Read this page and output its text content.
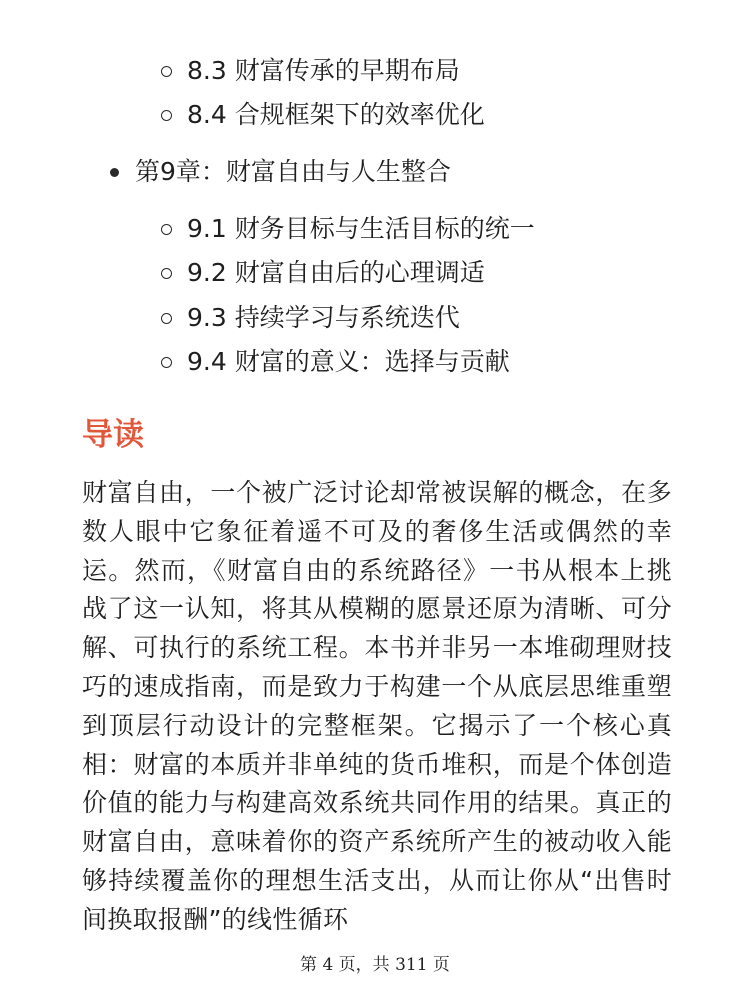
8.3 财富传承的早期布局
8.4 合规框架下的效率优化
第9章：财富自由与人生整合
9.1 财务目标与生活目标的统一
9.2 财富自由后的心理调适
9.3 持续学习与系统迭代
9.4 财富的意义：选择与贡献
导读

财富自由，一个被广泛讨论却常被误解的概念，在多数人眼中它象征着遥不可及的奢侈生活或偶然的幸运。然而，《财富自由的系统路径》一书从根本上挑战了这一认知，将其从模糊的愿景还原为清晰、可分解、可执行的系统工程。本书并非另一本堆砌理财技巧的速成指南，而是致力于构建一个从底层思维重塑到顶层行动设计的完整框架。它揭示了一个核心真相：财富的本质并非单纯的货币堆积，而是个体创造价值的能力与构建高效系统共同作用的结果。真正的财富自由，意味着你的资产系统所产生的被动收入能够持续覆盖你的理想生活支出，从而让你从“出售时间换取报酬”的线性循环

第 4 页，共 311 页
